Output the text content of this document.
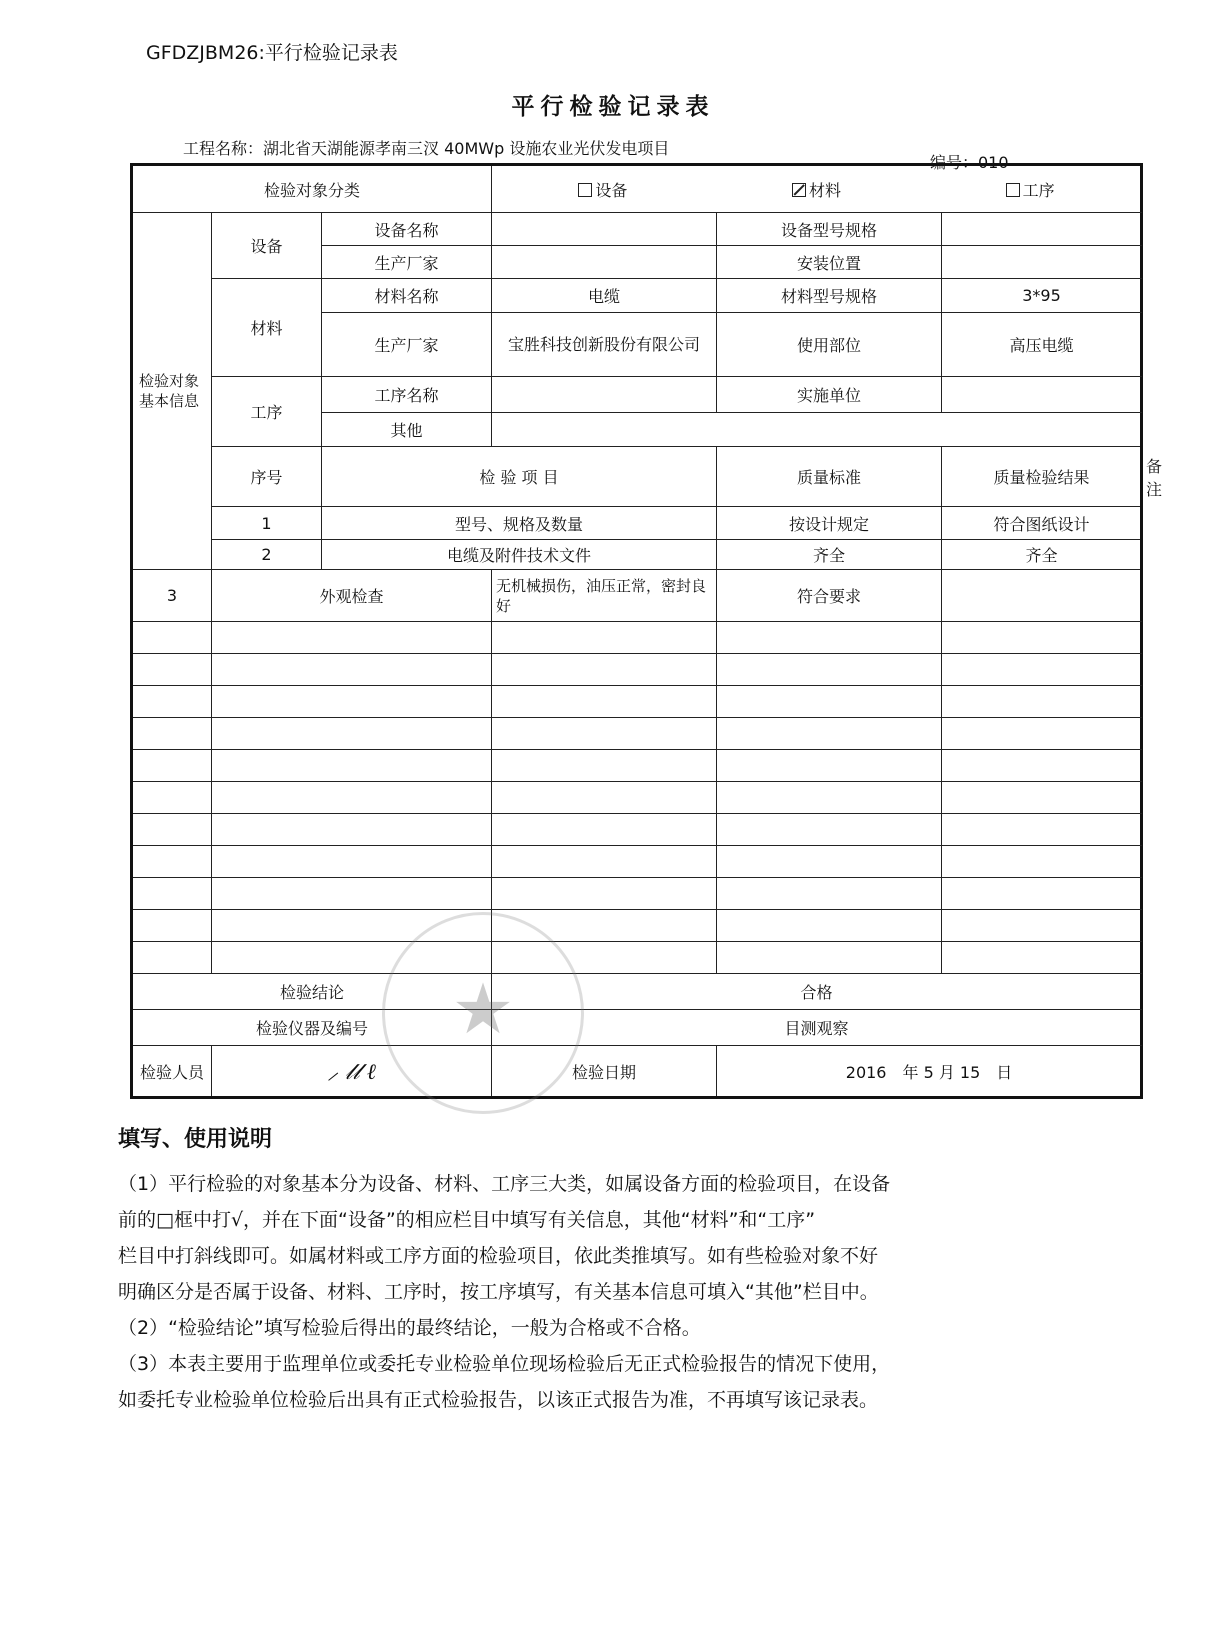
GFDZJBM26:平行检验记录表
平行检验记录表
工程名称：湖北省天湖能源孝南三汊 40MWp 设施农业光伏发电项目
编号：010
检验对象分类			设备 材料 工序			

检验对象基本信息	设备	设备名称		设备型号规格		
		生产厂家		安装位置		
	材料	材料名称	电缆	材料型号规格	3*95	
		生产厂家	宝胜科技创新股份有限公司	使用部位	高压电缆	
	工序	工序名称		实施单位		
		其他				
	序号	检 验 项 目		质量标准	质量检验结果	备 注
	1	型号、规格及数量		按设计规定	符合图纸设计	
	2	电缆及附件技术文件		齐全	齐全	
3	外观检查		无机械损伤，油压正常，密封良好	符合要求		

检验结论			合格			
检验仪器及编号			目测观察			
检验人员	⸝ 𝓁𝓁 ℓ		检验日期	2016　年 5 月 15　日		
★
填写、使用说明
（1）平行检验的对象基本分为设备、材料、工序三大类，如属设备方面的检验项目，在设备
前的□框中打√，并在下面“设备”的相应栏目中填写有关信息，其他“材料”和“工序”
栏目中打斜线即可。如属材料或工序方面的检验项目，依此类推填写。如有些检验对象不好
明确区分是否属于设备、材料、工序时，按工序填写，有关基本信息可填入“其他”栏目中。
（2）“检验结论”填写检验后得出的最终结论，一般为合格或不合格。
（3）本表主要用于监理单位或委托专业检验单位现场检验后无正式检验报告的情况下使用，
如委托专业检验单位检验后出具有正式检验报告，以该正式报告为准，不再填写该记录表。
